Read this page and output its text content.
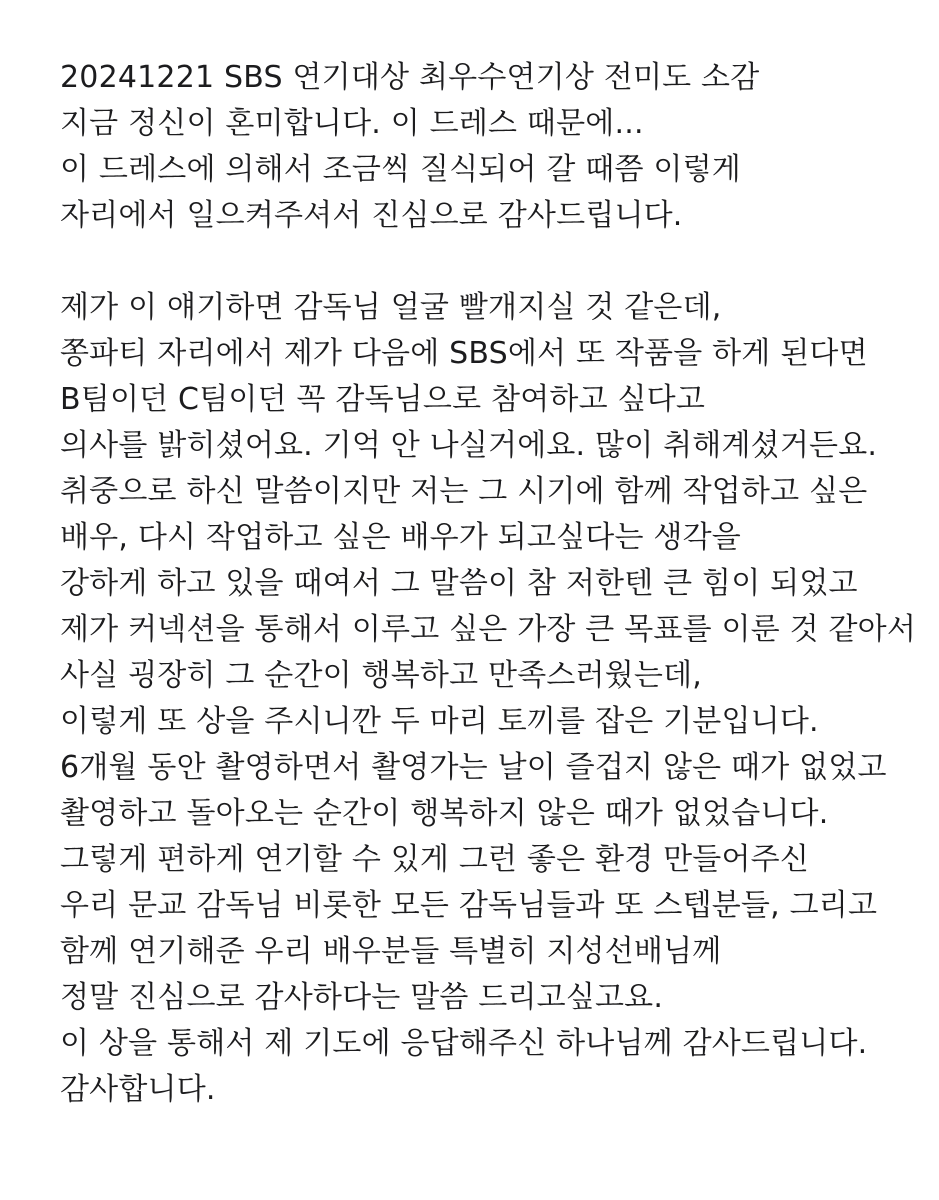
20241221 SBS 연기대상 최우수연기상 전미도 소감
지금 정신이 혼미합니다. 이 드레스 때문에...
이 드레스에 의해서 조금씩 질식되어 갈 때쯤 이렇게
자리에서 일으켜주셔서 진심으로 감사드립니다.
제가 이 얘기하면 감독님 얼굴 빨개지실 것 같은데,
쫑파티 자리에서 제가 다음에 SBS에서 또 작품을 하게 된다면
B팀이던 C팀이던 꼭 감독님으로 참여하고 싶다고
의사를 밝히셨어요. 기억 안 나실거에요. 많이 취해계셨거든요.
취중으로 하신 말씀이지만 저는 그 시기에 함께 작업하고 싶은
배우, 다시 작업하고 싶은 배우가 되고싶다는 생각을
강하게 하고 있을 때여서 그 말씀이 참 저한텐 큰 힘이 되었고
제가 커넥션을 통해서 이루고 싶은 가장 큰 목표를 이룬 것 같아서
사실 굉장히 그 순간이 행복하고 만족스러웠는데,
이렇게 또 상을 주시니깐 두 마리 토끼를 잡은 기분입니다.
6개월 동안 촬영하면서 촬영가는 날이 즐겁지 않은 때가 없었고
촬영하고 돌아오는 순간이 행복하지 않은 때가 없었습니다.
그렇게 편하게 연기할 수 있게 그런 좋은 환경 만들어주신
우리 문교 감독님 비롯한 모든 감독님들과 또 스텝분들, 그리고
함께 연기해준 우리 배우분들 특별히 지성선배님께
정말 진심으로 감사하다는 말씀 드리고싶고요.
이 상을 통해서 제 기도에 응답해주신 하나님께 감사드립니다.
감사합니다.
